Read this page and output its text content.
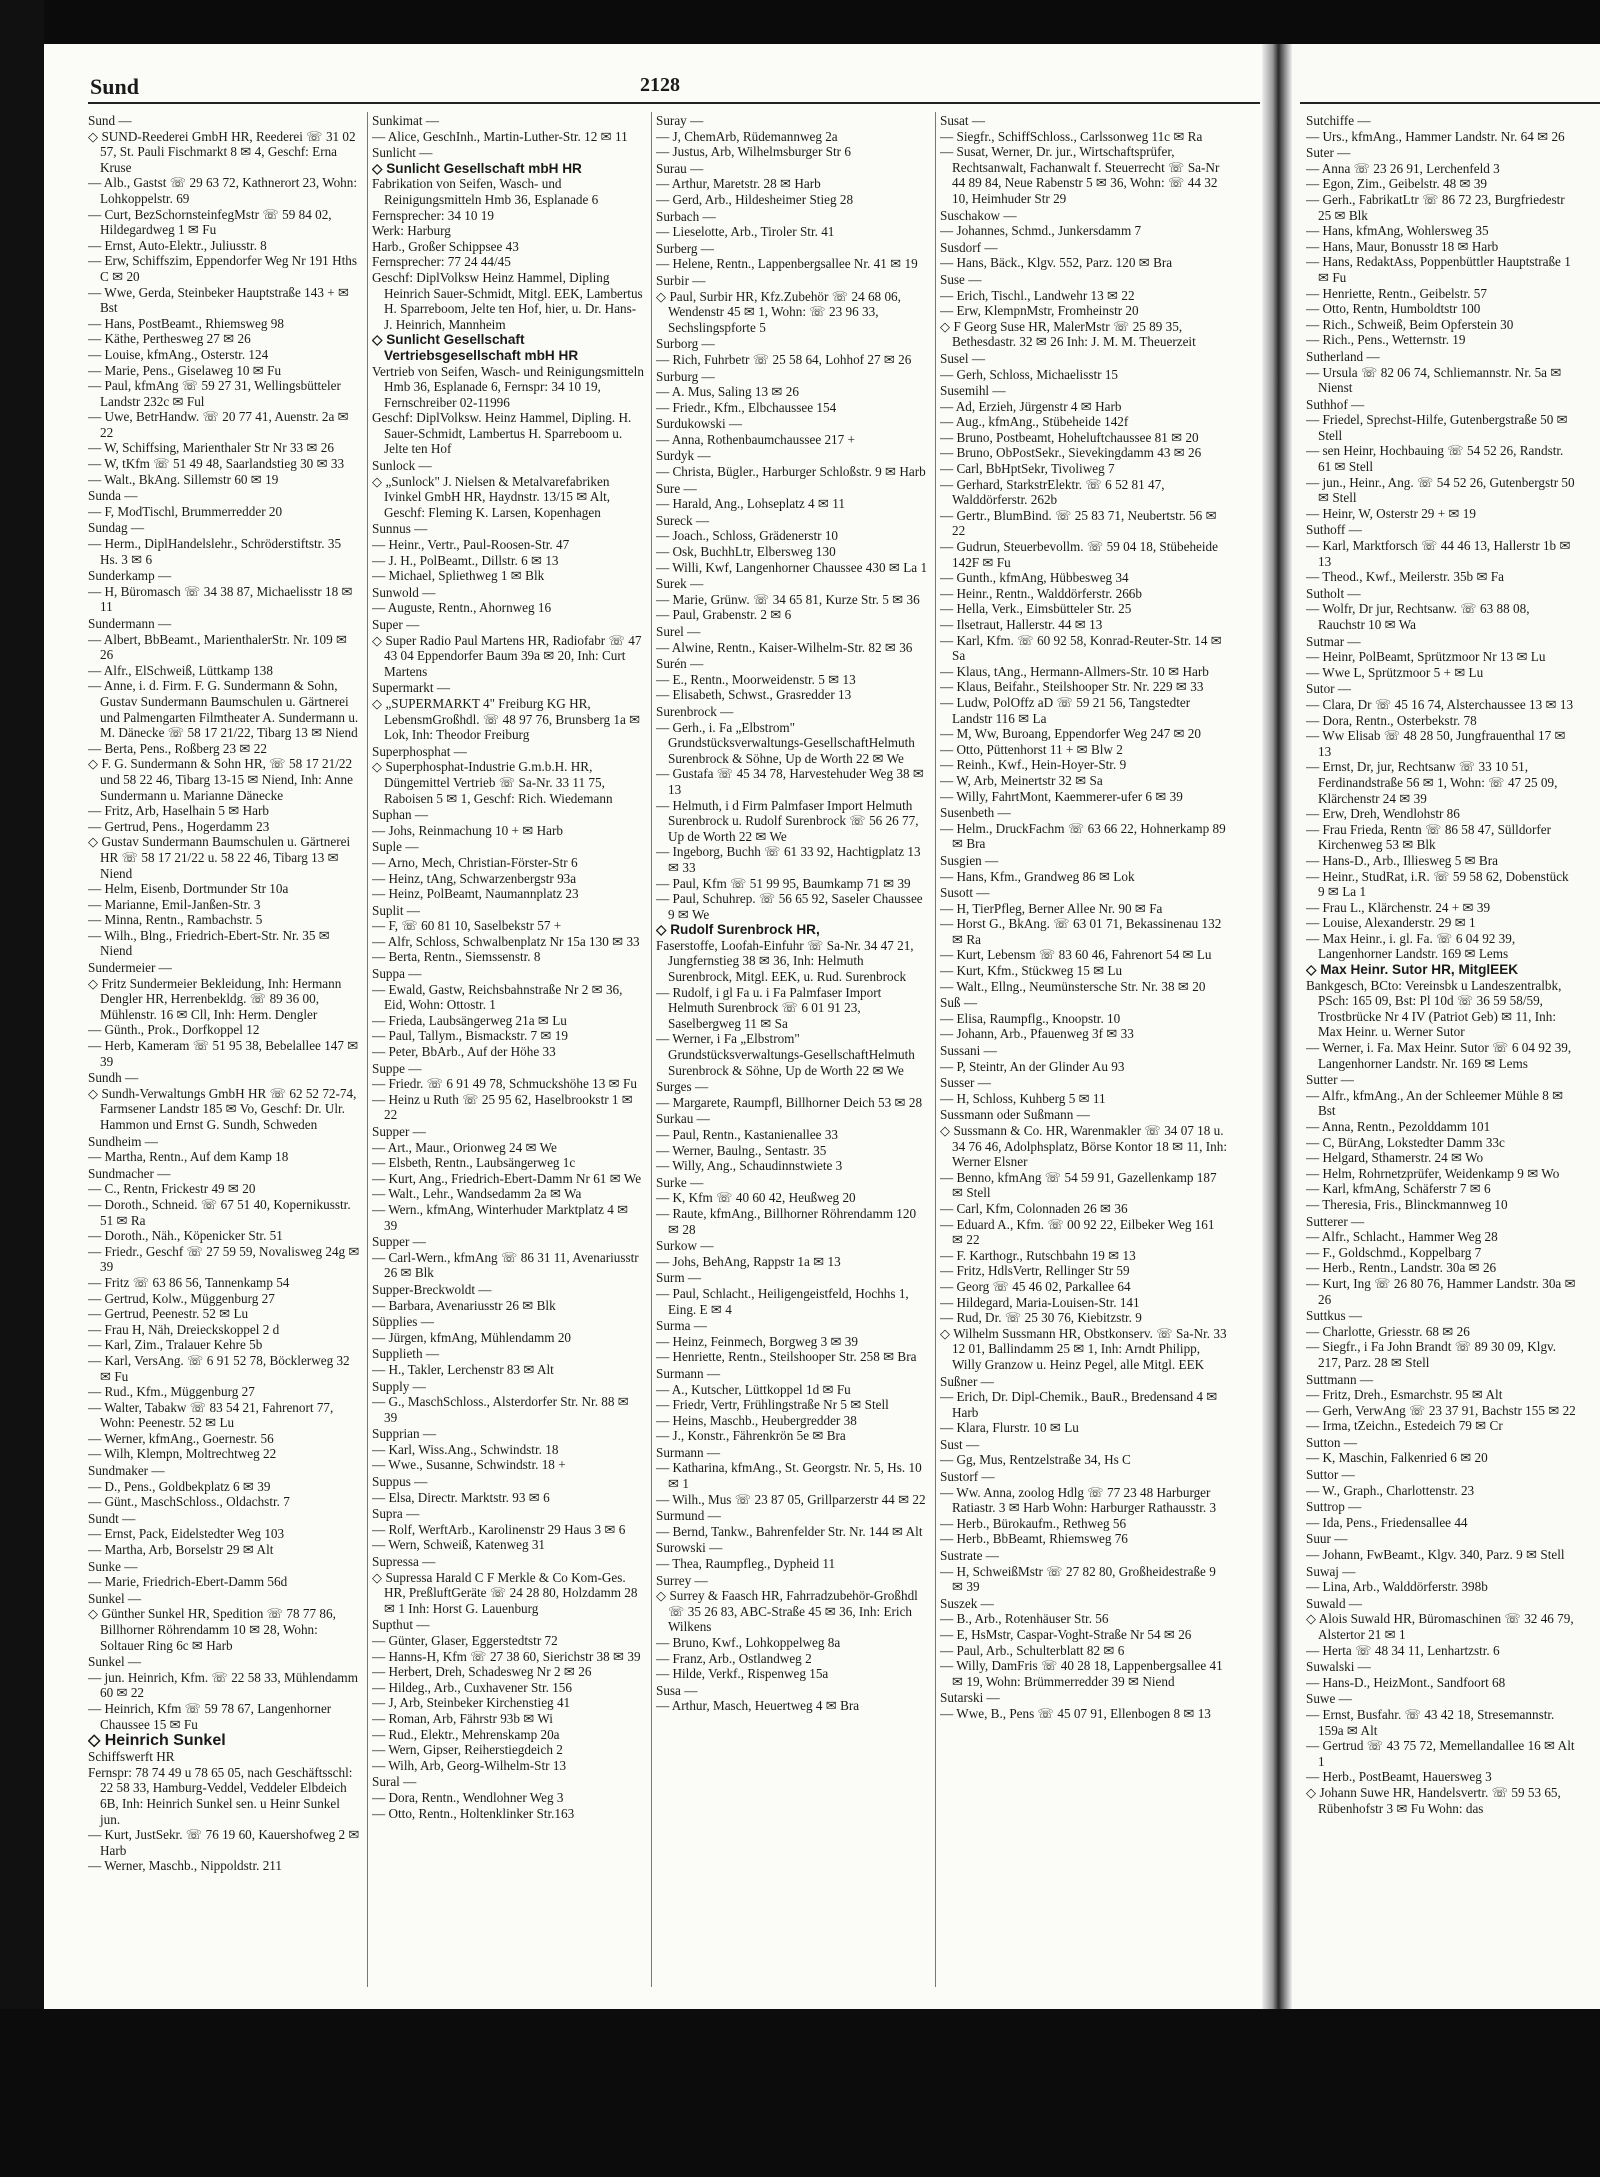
Sund	2128

Sund —

◇ SUND-Reederei GmbH HR, Reederei ☏ 31 02 57, St. Pauli Fischmarkt 8 ✉ 4, Geschf: Erna Kruse

— Alb., Gastst ☏ 29 63 72, Kathnerort 23, Wohn: Lohkoppelstr. 69

— Curt, BezSchornsteinfegMstr ☏ 59 84 02, Hildegardweg 1 ✉ Fu

— Ernst, Auto-Elektr., Juliusstr. 8

— Erw, Schiffszim, Eppendorfer Weg Nr 191 Hths C ✉ 20

— Wwe, Gerda, Steinbeker Hauptstraße 143 + ✉ Bst

— Hans, PostBeamt., Rhiemsweg 98

— Käthe, Perthesweg 27 ✉ 26

— Louise, kfmAng., Osterstr. 124

— Marie, Pens., Giselaweg 10 ✉ Fu

— Paul, kfmAng ☏ 59 27 31, Wellingsbütteler Landstr 232c ✉ Ful

— Uwe, BetrHandw. ☏ 20 77 41, Auenstr. 2a ✉ 22

— W, Schiffsing, Marienthaler Str Nr 33 ✉ 26

— W, tKfm ☏ 51 49 48, Saarlandstieg 30 ✉ 33

— Walt., BkAng. Sillemstr 60 ✉ 19

Sunda —

— F, ModTischl, Brummerredder 20

Sundag —

— Herm., DiplHandelslehr., Schröderstiftstr. 35 Hs. 3 ✉ 6

Sunderkamp —

— H, Büromasch ☏ 34 38 87, Michaelisstr 18 ✉ 11

Sundermann —

— Albert, BbBeamt., MarienthalerStr. Nr. 109 ✉ 26

— Alfr., ElSchweiß, Lüttkamp 138

— Anne, i. d. Firm. F. G. Sundermann & Sohn, Gustav Sundermann Baumschulen u. Gärtnerei und Palmengarten Filmtheater A. Sundermann u. M. Dänecke ☏ 58 17 21/22, Tibarg 13 ✉ Niend

— Berta, Pens., Roßberg 23 ✉ 22

◇ F. G. Sundermann & Sohn HR, ☏ 58 17 21/22 und 58 22 46, Tibarg 13-15 ✉ Niend, Inh: Anne Sundermann u. Marianne Dänecke

— Fritz, Arb, Haselhain 5 ✉ Harb

— Gertrud, Pens., Hogerdamm 23

◇ Gustav Sundermann Baumschulen u. Gärtnerei HR ☏ 58 17 21/22 u. 58 22 46, Tibarg 13 ✉ Niend

— Helm, Eisenb, Dortmunder Str 10a

— Marianne, Emil-Janßen-Str. 3

— Minna, Rentn., Rambachstr. 5

— Wilh., Blng., Friedrich-Ebert-Str. Nr. 35 ✉ Niend

Sundermeier —

◇ Fritz Sundermeier Bekleidung, Inh: Hermann Dengler HR, Herrenbekldg. ☏ 89 36 00, Mühlenstr. 16 ✉ Cll, Inh: Herm. Dengler

— Günth., Prok., Dorfkoppel 12

— Herb, Kameram ☏ 51 95 38, Bebelallee 147 ✉ 39

Sundh —

◇ Sundh-Verwaltungs GmbH HR ☏ 62 52 72-74, Farmsener Landstr 185 ✉ Vo, Geschf: Dr. Ulr. Hammon und Ernst G. Sundh, Schweden

Sundheim —

— Martha, Rentn., Auf dem Kamp 18

Sundmacher —

— C., Rentn, Frickestr 49 ✉ 20

— Doroth., Schneid. ☏ 67 51 40, Kopernikusstr. 51 ✉ Ra

— Doroth., Näh., Köpenicker Str. 51

— Friedr., Geschf ☏ 27 59 59, Novalisweg 24g ✉ 39

— Fritz ☏ 63 86 56, Tannenkamp 54

— Gertrud, Kolw., Müggenburg 27

— Gertrud, Peenestr. 52 ✉ Lu

— Frau H, Näh, Dreieckskoppel 2 d

— Karl, Zim., Tralauer Kehre 5b

— Karl, VersAng. ☏ 6 91 52 78, Böcklerweg 32 ✉ Fu

— Rud., Kfm., Müggenburg 27

— Walter, Tabakw ☏ 83 54 21, Fahrenort 77, Wohn: Peenestr. 52 ✉ Lu

— Werner, kfmAng., Goernestr. 56

— Wilh, Klempn, Moltrechtweg 22

Sundmaker —

— D., Pens., Goldbekplatz 6 ✉ 39

— Günt., MaschSchloss., Oldachstr. 7

Sundt —

— Ernst, Pack, Eidelstedter Weg 103

— Martha, Arb, Borselstr 29 ✉ Alt

Sunke —

— Marie, Friedrich-Ebert-Damm 56d

Sunkel —

◇ Günther Sunkel HR, Spedition ☏ 78 77 86, Billhorner Röhrendamm 10 ✉ 28, Wohn: Soltauer Ring 6c ✉ Harb

Sunkel —

— jun. Heinrich, Kfm. ☏ 22 58 33, Mühlendamm 60 ✉ 22

— Heinrich, Kfm ☏ 59 78 67, Langenhorner Chaussee 15 ✉ Fu

◇ Heinrich Sunkel

Schiffswerft HR

Fernspr: 78 74 49 u 78 65 05, nach Geschäftsschl: 22 58 33, Hamburg-Veddel, Veddeler Elbdeich 6B, Inh: Heinrich Sunkel sen. u Heinr Sunkel jun.

— Kurt, JustSekr. ☏ 76 19 60, Kauershofweg 2 ✉ Harb

— Werner, Maschb., Nippoldstr. 211

Sunkimat —

— Alice, GeschInh., Martin-Luther-Str. 12 ✉ 11

Sunlicht —

◇ Sunlicht Gesellschaft mbH HR

Fabrikation von Seifen, Wasch- und Reinigungsmitteln Hmb 36, Esplanade 6

Fernsprecher: 34 10 19

Werk: Harburg

Harb., Großer Schippsee 43

Fernsprecher: 77 24 44/45

Geschf: DiplVolksw Heinz Hammel, Dipling Heinrich Sauer-Schmidt, Mitgl. EEK, Lambertus H. Sparreboom, Jelte ten Hof, hier, u. Dr. Hans-J. Heinrich, Mannheim

◇ Sunlicht Gesellschaft Vertriebsgesellschaft mbH HR

Vertrieb von Seifen, Wasch- und Reinigungsmitteln Hmb 36, Esplanade 6, Fernspr: 34 10 19, Fernschreiber 02-11996

Geschf: DiplVolksw. Heinz Hammel, Dipling. H. Sauer-Schmidt, Lambertus H. Sparreboom u. Jelte ten Hof

Sunlock —

◇ „Sunlock" J. Nielsen & Metalvarefabriken Ivinkel GmbH HR, Haydnstr. 13/15 ✉ Alt, Geschf: Fleming K. Larsen, Kopenhagen

Sunnus —

— Heinr., Vertr., Paul-Roosen-Str. 47

— J. H., PolBeamt., Dillstr. 6 ✉ 13

— Michael, Spliethweg 1 ✉ Blk

Sunwold —

— Auguste, Rentn., Ahornweg 16

Super —

◇ Super Radio Paul Martens HR, Radiofabr ☏ 47 43 04 Eppendorfer Baum 39a ✉ 20, Inh: Curt Martens

Supermarkt —

◇ „SUPERMARKT 4" Freiburg KG HR, LebensmGroßhdl. ☏ 48 97 76, Brunsberg 1a ✉ Lok, Inh: Theodor Freiburg

Superphosphat —

◇ Superphosphat-Industrie G.m.b.H. HR, Düngemittel Vertrieb ☏ Sa-Nr. 33 11 75, Raboisen 5 ✉ 1, Geschf: Rich. Wiedemann

Suphan —

— Johs, Reinmachung 10 + ✉ Harb

Suple —

— Arno, Mech, Christian-Förster-Str 6

— Heinz, tAng, Schwarzenbergstr 93a

— Heinz, PolBeamt, Naumannplatz 23

Suplit —

— F, ☏ 60 81 10, Saselbekstr 57 +

— Alfr, Schloss, Schwalbenplatz Nr 15a 130 ✉ 33

— Berta, Rentn., Siemssenstr. 8

Suppa —

— Ewald, Gastw, Reichsbahnstraße Nr 2 ✉ 36, Eid, Wohn: Ottostr. 1

— Frieda, Laubsängerweg 21a ✉ Lu

— Paul, Tallym., Bismackstr. 7 ✉ 19

— Peter, BbArb., Auf der Höhe 33

Suppe —

— Friedr. ☏ 6 91 49 78, Schmuckshöhe 13 ✉ Fu

— Heinz u Ruth ☏ 25 95 62, Haselbrookstr 1 ✉ 22

Supper —

— Art., Maur., Orionweg 24 ✉ We

— Elsbeth, Rentn., Laubsängerweg 1c

— Kurt, Ang., Friedrich-Ebert-Damm Nr 61 ✉ We

— Walt., Lehr., Wandsedamm 2a ✉ Wa

— Wern., kfmAng, Winterhuder Marktplatz 4 ✉ 39

Supper —

— Carl-Wern., kfmAng ☏ 86 31 11, Avenariusstr 26 ✉ Blk

Supper-Breckwoldt —

— Barbara, Avenariusstr 26 ✉ Blk

Süpplies —

— Jürgen, kfmAng, Mühlendamm 20

Supplieth —

— H., Takler, Lerchenstr 83 ✉ Alt

Supply —

— G., MaschSchloss., Alsterdorfer Str. Nr. 88 ✉ 39

Supprian —

— Karl, Wiss.Ang., Schwindstr. 18

— Wwe., Susanne, Schwindstr. 18 +

Suppus —

— Elsa, Directr. Marktstr. 93 ✉ 6

Supra —

— Rolf, WerftArb., Karolinenstr 29 Haus 3 ✉ 6

— Wern, Schweiß, Katenweg 31

Supressa —

◇ Supressa Harald C F Merkle & Co Kom-Ges. HR, PreßluftGeräte ☏ 24 28 80, Holzdamm 28 ✉ 1 Inh: Horst G. Lauenburg

Supthut —

— Günter, Glaser, Eggerstedtstr 72

— Hanns-H, Kfm ☏ 27 38 60, Sierichstr 38 ✉ 39

— Herbert, Dreh, Schadesweg Nr 2 ✉ 26

— Hildeg., Arb., Cuxhavener Str. 156

— J, Arb, Steinbeker Kirchenstieg 41

— Roman, Arb, Fährstr 93b ✉ Wi

— Rud., Elektr., Mehrenskamp 20a

— Wern, Gipser, Reiherstiegdeich 2

— Wilh, Arb, Georg-Wilhelm-Str 13

Sural —

— Dora, Rentn., Wendlohner Weg 3

— Otto, Rentn., Holtenklinker Str.163

Suray —

— J, ChemArb, Rüdemannweg 2a

— Justus, Arb, Wilhelmsburger Str 6

Surau —

— Arthur, Maretstr. 28 ✉ Harb

— Gerd, Arb., Hildesheimer Stieg 28

Surbach —

— Lieselotte, Arb., Tiroler Str. 41

Surberg —

— Helene, Rentn., Lappenbergsallee Nr. 41 ✉ 19

Surbir —

◇ Paul, Surbir HR, Kfz.Zubehör ☏ 24 68 06, Wendenstr 45 ✉ 1, Wohn: ☏ 23 96 33, Sechslingspforte 5

Surborg —

— Rich, Fuhrbetr ☏ 25 58 64, Lohhof 27 ✉ 26

Surburg —

— A. Mus, Saling 13 ✉ 26

— Friedr., Kfm., Elbchaussee 154

Surdukowski —

— Anna, Rothenbaumchaussee 217 +

Surdyk —

— Christa, Bügler., Harburger Schloßstr. 9 ✉ Harb

Sure —

— Harald, Ang., Lohseplatz 4 ✉ 11

Sureck —

— Joach., Schloss, Grädenerstr 10

— Osk, BuchhLtr, Elbersweg 130

— Willi, Kwf, Langenhorner Chaussee 430 ✉ La 1

Surek —

— Marie, Grünw. ☏ 34 65 81, Kurze Str. 5 ✉ 36

— Paul, Grabenstr. 2 ✉ 6

Surel —

— Alwine, Rentn., Kaiser-Wilhelm-Str. 82 ✉ 36

Surén —

— E., Rentn., Moorweidenstr. 5 ✉ 13

— Elisabeth, Schwst., Grasredder 13

Surenbrock —

— Gerh., i. Fa „Elbstrom" Grundstücksverwaltungs-GesellschaftHelmuth Surenbrock & Söhne, Up de Worth 22 ✉ We

— Gustafa ☏ 45 34 78, Harvestehuder Weg 38 ✉ 13

— Helmuth, i d Firm Palmfaser Import Helmuth Surenbrock u. Rudolf Surenbrock ☏ 56 26 77, Up de Worth 22 ✉ We

— Ingeborg, Buchh ☏ 61 33 92, Hachtigplatz 13 ✉ 33

— Paul, Kfm ☏ 51 99 95, Baumkamp 71 ✉ 39

— Paul, Schuhrep. ☏ 56 65 92, Saseler Chaussee 9 ✉ We

◇ Rudolf Surenbrock HR,

Faserstoffe, Loofah-Einfuhr ☏ Sa-Nr. 34 47 21, Jungfernstieg 38 ✉ 36, Inh: Helmuth Surenbrock, Mitgl. EEK, u. Rud. Surenbrock

— Rudolf, i gl Fa u. i Fa Palmfaser Import Helmuth Surenbrock ☏ 6 01 91 23, Saselbergweg 11 ✉ Sa

— Werner, i Fa „Elbstrom" Grundstücksverwaltungs-GesellschaftHelmuth Surenbrock & Söhne, Up de Worth 22 ✉ We

Surges —

— Margarete, Raumpfl, Billhorner Deich 53 ✉ 28

Surkau —

— Paul, Rentn., Kastanienallee 33

— Werner, Baulng., Sentastr. 35

— Willy, Ang., Schaudinnstwiete 3

Surke —

— K, Kfm ☏ 40 60 42, Heußweg 20

— Raute, kfmAng., Billhorner Röhrendamm 120 ✉ 28

Surkow —

— Johs, BehAng, Rappstr 1a ✉ 13

Surm —

— Paul, Schlacht., Heiligengeistfeld, Hochhs 1, Eing. E ✉ 4

Surma —

— Heinz, Feinmech, Borgweg 3 ✉ 39

— Henriette, Rentn., Steilshooper Str. 258 ✉ Bra

Surmann —

— A., Kutscher, Lüttkoppel 1d ✉ Fu

— Friedr, Vertr, Frühlingstraße Nr 5 ✉ Stell

— Heins, Maschb., Heubergredder 38

— J., Konstr., Fährenkrön 5e ✉ Bra

Surmann —

— Katharina, kfmAng., St. Georgstr. Nr. 5, Hs. 10 ✉ 1

— Wilh., Mus ☏ 23 87 05, Grillparzerstr 44 ✉ 22

Surmund —

— Bernd, Tankw., Bahrenfelder Str. Nr. 144 ✉ Alt

Surowski —

— Thea, Raumpfleg., Dypheid 11

Surrey —

◇ Surrey & Faasch HR, Fahrradzubehör-Großhdl ☏ 35 26 83, ABC-Straße 45 ✉ 36, Inh: Erich Wilkens

— Bruno, Kwf., Lohkoppelweg 8a

— Franz, Arb., Ostlandweg 2

— Hilde, Verkf., Rispenweg 15a

Susa —

— Arthur, Masch, Heuertweg 4 ✉ Bra

Susat —

— Siegfr., SchiffSchloss., Carlssonweg 11c ✉ Ra

— Susat, Werner, Dr. jur., Wirtschaftsprüfer, Rechtsanwalt, Fachanwalt f. Steuerrecht ☏ Sa-Nr 44 89 84, Neue Rabenstr 5 ✉ 36, Wohn: ☏ 44 32 10, Heimhuder Str 29

Suschakow —

— Johannes, Schmd., Junkersdamm 7

Susdorf —

— Hans, Bäck., Klgv. 552, Parz. 120 ✉ Bra

Suse —

— Erich, Tischl., Landwehr 13 ✉ 22

— Erw, KlempnMstr, Fromheinstr 20

◇ F Georg Suse HR, MalerMstr ☏ 25 89 35, Bethesdastr. 32 ✉ 26 Inh: J. M. M. Theuerzeit

Susel —

— Gerh, Schloss, Michaelisstr 15

Susemihl —

— Ad, Erzieh, Jürgenstr 4 ✉ Harb

— Aug., kfmAng., Stübeheide 142f

— Bruno, Postbeamt, Hoheluftchaussee 81 ✉ 20

— Bruno, ObPostSekr., Sievekingdamm 43 ✉ 26

— Carl, BbHptSekr, Tivoliweg 7

— Gerhard, StarkstrElektr. ☏ 6 52 81 47, Walddörferstr. 262b

— Gertr., BlumBind. ☏ 25 83 71, Neubertstr. 56 ✉ 22

— Gudrun, Steuerbevollm. ☏ 59 04 18, Stübeheide 142F ✉ Fu

— Gunth., kfmAng, Hübbesweg 34

— Heinr., Rentn., Walddörferstr. 266b

— Hella, Verk., Eimsbütteler Str. 25

— Ilsetraut, Hallerstr. 44 ✉ 13

— Karl, Kfm. ☏ 60 92 58, Konrad-Reuter-Str. 14 ✉ Sa

— Klaus, tAng., Hermann-Allmers-Str. 10 ✉ Harb

— Klaus, Beifahr., Steilshooper Str. Nr. 229 ✉ 33

— Ludw, PolOffz aD ☏ 59 21 56, Tangstedter Landstr 116 ✉ La

— M, Ww, Buroang, Eppendorfer Weg 247 ✉ 20

— Otto, Püttenhorst 11 + ✉ Blw 2

— Reinh., Kwf., Hein-Hoyer-Str. 9

— W, Arb, Meinertstr 32 ✉ Sa

— Willy, FahrtMont, Kaemmerer-ufer 6 ✉ 39

Susenbeth —

— Helm., DruckFachm ☏ 63 66 22, Hohnerkamp 89 ✉ Bra

Susgien —

— Hans, Kfm., Grandweg 86 ✉ Lok

Susott —

— H, TierPfleg, Berner Allee Nr. 90 ✉ Fa

— Horst G., BkAng. ☏ 63 01 71, Bekassinenau 132 ✉ Ra

— Kurt, Lebensm ☏ 83 60 46, Fahrenort 54 ✉ Lu

— Kurt, Kfm., Stückweg 15 ✉ Lu

— Walt., Ellng., Neumünstersche Str. Nr. 38 ✉ 20

Suß —

— Elisa, Raumpflg., Knoopstr. 10

— Johann, Arb., Pfauenweg 3f ✉ 33

Sussani —

— P, Steintr, An der Glinder Au 93

Susser —

— H, Schloss, Kuhberg 5 ✉ 11

Sussmann oder Sußmann —

◇ Sussmann & Co. HR, Warenmakler ☏ 34 07 18 u. 34 76 46, Adolphsplatz, Börse Kontor 18 ✉ 11, Inh: Werner Elsner

— Benno, kfmAng ☏ 54 59 91, Gazellenkamp 187 ✉ Stell

— Carl, Kfm, Colonnaden 26 ✉ 36

— Eduard A., Kfm. ☏ 00 92 22, Eilbeker Weg 161 ✉ 22

— F. Karthogr., Rutschbahn 19 ✉ 13

— Fritz, HdlsVertr, Rellinger Str 59

— Georg ☏ 45 46 02, Parkallee 64

— Hildegard, Maria-Louisen-Str. 141

— Rud, Dr. ☏ 25 30 76, Kiebitzstr. 9

◇ Wilhelm Sussmann HR, Obstkonserv. ☏ Sa-Nr. 33 12 01, Ballindamm 25 ✉ 1, Inh: Arndt Philipp, Willy Granzow u. Heinz Pegel, alle Mitgl. EEK

Sußner —

— Erich, Dr. Dipl-Chemik., BauR., Bredensand 4 ✉ Harb

— Klara, Flurstr. 10 ✉ Lu

Sust —

— Gg, Mus, Rentzelstraße 34, Hs C

Sustorf —

— Ww. Anna, zoolog Hdlg ☏ 77 23 48 Harburger Ratiastr. 3 ✉ Harb Wohn: Harburger Rathausstr. 3

— Herb., Bürokaufm., Rethweg 56

— Herb., BbBeamt, Rhiemsweg 76

Sustrate —

— H, SchweißMstr ☏ 27 82 80, Großheidestraße 9 ✉ 39

Suszek —

— B., Arb., Rotenhäuser Str. 56

— E, HsMstr, Caspar-Voght-Straße Nr 54 ✉ 26

— Paul, Arb., Schulterblatt 82 ✉ 6

— Willy, DamFris ☏ 40 28 18, Lappenbergsallee 41 ✉ 19, Wohn: Brümmerredder 39 ✉ Niend

Sutarski —

— Wwe, B., Pens ☏ 45 07 91, Ellenbogen 8 ✉ 13

Sutchiffe —

— Urs., kfmAng., Hammer Landstr. Nr. 64 ✉ 26

Suter —

— Anna ☏ 23 26 91, Lerchenfeld 3

— Egon, Zim., Geibelstr. 48 ✉ 39

— Gerh., FabrikatLtr ☏ 86 72 23, Burgfriedestr 25 ✉ Blk

— Hans, kfmAng, Wohlersweg 35

— Hans, Maur, Bonusstr 18 ✉ Harb

— Hans, RedaktAss, Poppenbüttler Hauptstraße 1 ✉ Fu

— Henriette, Rentn., Geibelstr. 57

— Otto, Rentn, Humboldtstr 100

— Rich., Schweiß, Beim Opferstein 30

— Rich., Pens., Wetternstr. 19

Sutherland —

— Ursula ☏ 82 06 74, Schliemannstr. Nr. 5a ✉ Nienst

Suthhof —

— Friedel, Sprechst-Hilfe, Gutenbergstraße 50 ✉ Stell

— sen Heinr, Hochbauing ☏ 54 52 26, Randstr. 61 ✉ Stell

— jun., Heinr., Ang. ☏ 54 52 26, Gutenbergstr 50 ✉ Stell

— Heinr, W, Osterstr 29 + ✉ 19

Suthoff —

— Karl, Marktforsch ☏ 44 46 13, Hallerstr 1b ✉ 13

— Theod., Kwf., Meilerstr. 35b ✉ Fa

Sutholt —

— Wolfr, Dr jur, Rechtsanw. ☏ 63 88 08, Rauchstr 10 ✉ Wa

Sutmar —

— Heinr, PolBeamt, Sprützmoor Nr 13 ✉ Lu

— Wwe L, Sprützmoor 5 + ✉ Lu

Sutor —

— Clara, Dr ☏ 45 16 74, Alsterchaussee 13 ✉ 13

— Dora, Rentn., Osterbekstr. 78

— Ww Elisab ☏ 48 28 50, Jungfrauenthal 17 ✉ 13

— Ernst, Dr, jur, Rechtsanw ☏ 33 10 51, Ferdinandstraße 56 ✉ 1, Wohn: ☏ 47 25 09, Klärchenstr 24 ✉ 39

— Erw, Dreh, Wendlohstr 86

— Frau Frieda, Rentn ☏ 86 58 47, Sülldorfer Kirchenweg 53 ✉ Blk

— Hans-D., Arb., Illiesweg 5 ✉ Bra

— Heinr., StudRat, i.R. ☏ 59 58 62, Dobenstück 9 ✉ La 1

— Frau L., Klärchenstr. 24 + ✉ 39

— Louise, Alexanderstr. 29 ✉ 1

— Max Heinr., i. gl. Fa. ☏ 6 04 92 39, Langenhorner Landstr. 169 ✉ Lems

◇ Max Heinr. Sutor HR, MitglEEK

Bankgesch, BCto: Vereinsbk u Landeszentralbk, PSch: 165 09, Bst: Pl 10d ☏ 36 59 58/59, Trostbrücke Nr 4 IV (Patriot Geb) ✉ 11, Inh: Max Heinr. u. Werner Sutor

— Werner, i. Fa. Max Heinr. Sutor ☏ 6 04 92 39, Langenhorner Landstr. Nr. 169 ✉ Lems

Sutter —

— Alfr., kfmAng., An der Schleemer Mühle 8 ✉ Bst

— Anna, Rentn., Pezolddamm 101

— C, BürAng, Lokstedter Damm 33c

— Helgard, Sthamerstr. 24 ✉ Wo

— Helm, Rohrnetzprüfer, Weidenkamp 9 ✉ Wo

— Karl, kfmAng, Schäferstr 7 ✉ 6

— Theresia, Fris., Blinckmannweg 10

Sutterer —

— Alfr., Schlacht., Hammer Weg 28

— F., Goldschmd., Koppelbarg 7

— Herb., Rentn., Landstr. 30a ✉ 26

— Kurt, Ing ☏ 26 80 76, Hammer Landstr. 30a ✉ 26

Suttkus —

— Charlotte, Griesstr. 68 ✉ 26

— Siegfr., i Fa John Brandt ☏ 89 30 09, Klgv. 217, Parz. 28 ✉ Stell

Suttmann —

— Fritz, Dreh., Esmarchstr. 95 ✉ Alt

— Gerh, VerwAng ☏ 23 37 91, Bachstr 155 ✉ 22

— Irma, tZeichn., Estedeich 79 ✉ Cr

Sutton —

— K, Maschin, Falkenried 6 ✉ 20

Suttor —

— W., Graph., Charlottenstr. 23

Suttrop —

— Ida, Pens., Friedensallee 44

Suur —

— Johann, FwBeamt., Klgv. 340, Parz. 9 ✉ Stell

Suwaj —

— Lina, Arb., Walddörferstr. 398b

Suwald —

◇ Alois Suwald HR, Büromaschinen ☏ 32 46 79, Alstertor 21 ✉ 1

— Herta ☏ 48 34 11, Lenhartzstr. 6

Suwalski —

— Hans-D., HeizMont., Sandfoort 68

Suwe —

— Ernst, Busfahr. ☏ 43 42 18, Stresemannstr. 159a ✉ Alt

— Gertrud ☏ 43 75 72, Memellandallee 16 ✉ Alt 1

— Herb., PostBeamt, Hauersweg 3

◇ Johann Suwe HR, Handelsvertr. ☏ 59 53 65, Rübenhofstr 3 ✉ Fu Wohn: das
